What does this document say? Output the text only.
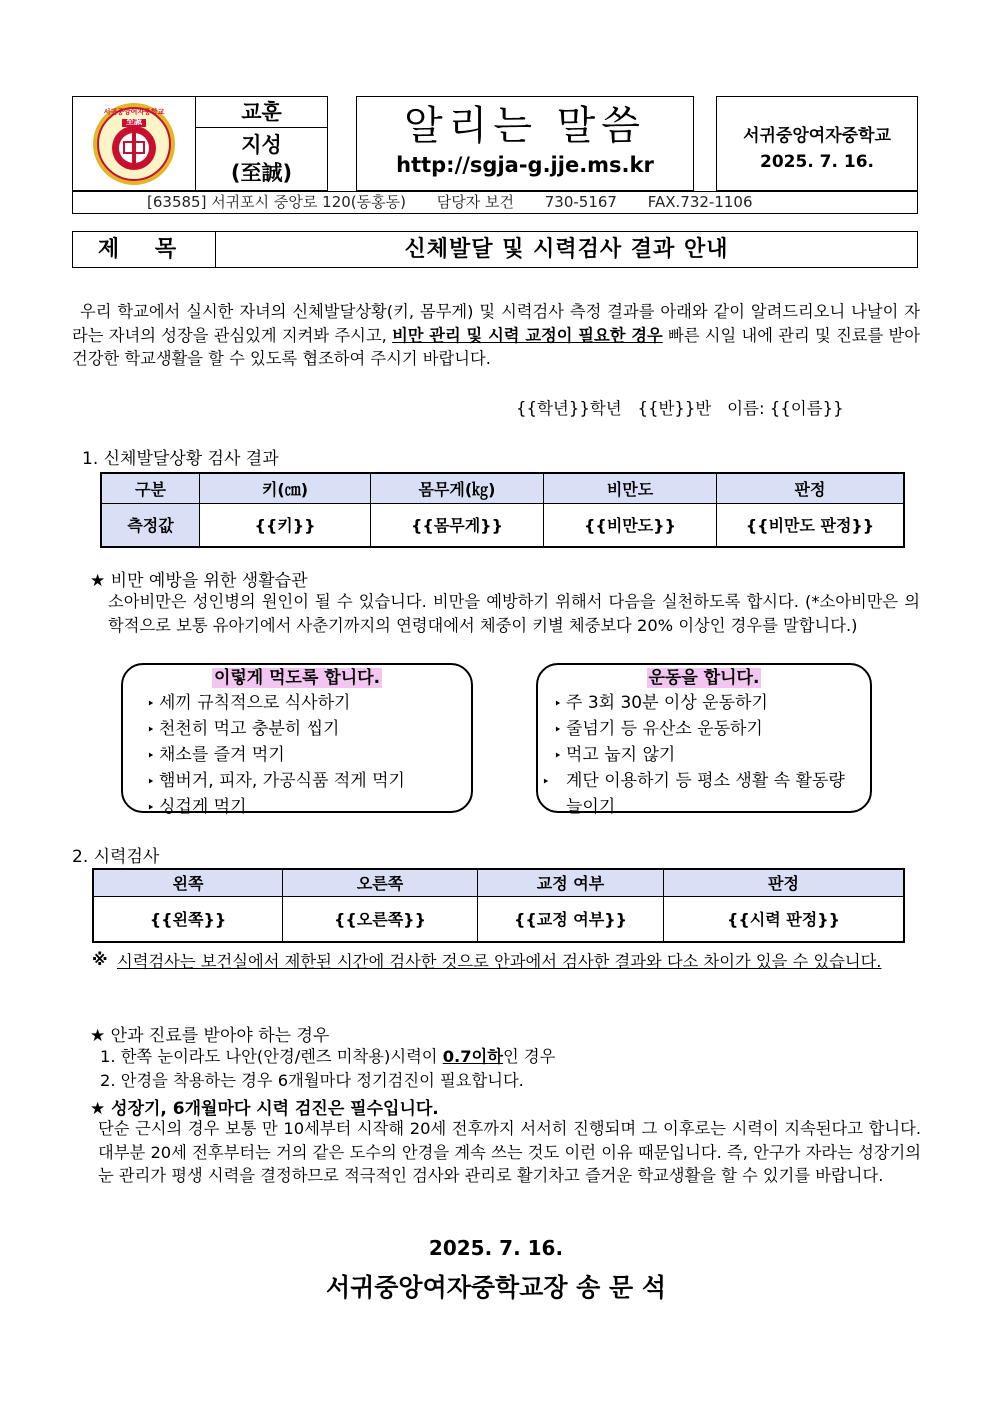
서귀중앙여자중학교
至誠	교훈
지성
(至誠)
알리는 말씀
http://sgja-g.jje.ms.kr
서귀중앙여자중학교
2025. 7. 16.
[63585] 서귀포시 중앙로 120(동홍동) 담당자 보건 730-5167 FAX.732-1106
제 목	신체발달 및 시력검사 결과 안내
우리 학교에서 실시한 자녀의 신체발달상황(키, 몸무게) 및 시력검사 측정 결과를 아래와 같이 알려드리오니 나날이 자라는 자녀의 성장을 관심있게 지켜봐 주시고, 비만 관리 및 시력 교정이 필요한 경우 빠른 시일 내에 관리 및 진료를 받아 건강한 학교생활을 할 수 있도록 협조하여 주시기 바랍니다.
{{학년}}학년   {{반}}반   이름: {{이름}}
1. 신체발달상황 검사 결과
구분	키(㎝)	몸무게(㎏)	비만도	판정
측정값	{{키}}	{{몸무게}}	{{비만도}}	{{비만도 판정}}
★ 비만 예방을 위한 생활습관
소아비만은 성인병의 원인이 될 수 있습니다. 비만을 예방하기 위해서 다음을 실천하도록 합시다. (*소아비만은 의학적으로 보통 유아기에서 사춘기까지의 연령대에서 체중이 키별 체중보다 20% 이상인 경우를 말합니다.)
이렇게 먹도록 합니다.
‣ 세끼 규칙적으로 식사하기
‣ 천천히 먹고 충분히 씹기
‣ 채소를 즐겨 먹기
‣ 햄버거, 피자, 가공식품 적게 먹기
‣ 싱겁게 먹기
운동을 합니다.
‣ 주 3회 30분 이상 운동하기
‣ 줄넘기 등 유산소 운동하기
‣ 먹고 눕지 않기
‣ 계단 이용하기 등 평소 생활 속 활동량 늘이기
2. 시력검사
왼쪽	오른쪽	교정 여부	판정
{{왼쪽}}	{{오른쪽}}	{{교정 여부}}	{{시력 판정}}
※ 시력검사는 보건실에서 제한된 시간에 검사한 것으로 안과에서 검사한 결과와 다소 차이가 있을 수 있습니다.
★ 안과 진료를 받아야 하는 경우
1. 한쪽 눈이라도 나안(안경/렌즈 미착용)시력이 0.7이하인 경우
2. 안경을 착용하는 경우 6개월마다 정기검진이 필요합니다.
★ 성장기, 6개월마다 시력 검진은 필수입니다.
단순 근시의 경우 보통 만 10세부터 시작해 20세 전후까지 서서히 진행되며 그 이후로는 시력이 지속된다고 합니다. 대부분 20세 전후부터는 거의 같은 도수의 안경을 계속 쓰는 것도 이런 이유 때문입니다. 즉, 안구가 자라는 성장기의 눈 관리가 평생 시력을 결정하므로 적극적인 검사와 관리로 활기차고 즐거운 학교생활을 할 수 있기를 바랍니다.
2025. 7. 16.
서귀중앙여자중학교장 송 문 석
